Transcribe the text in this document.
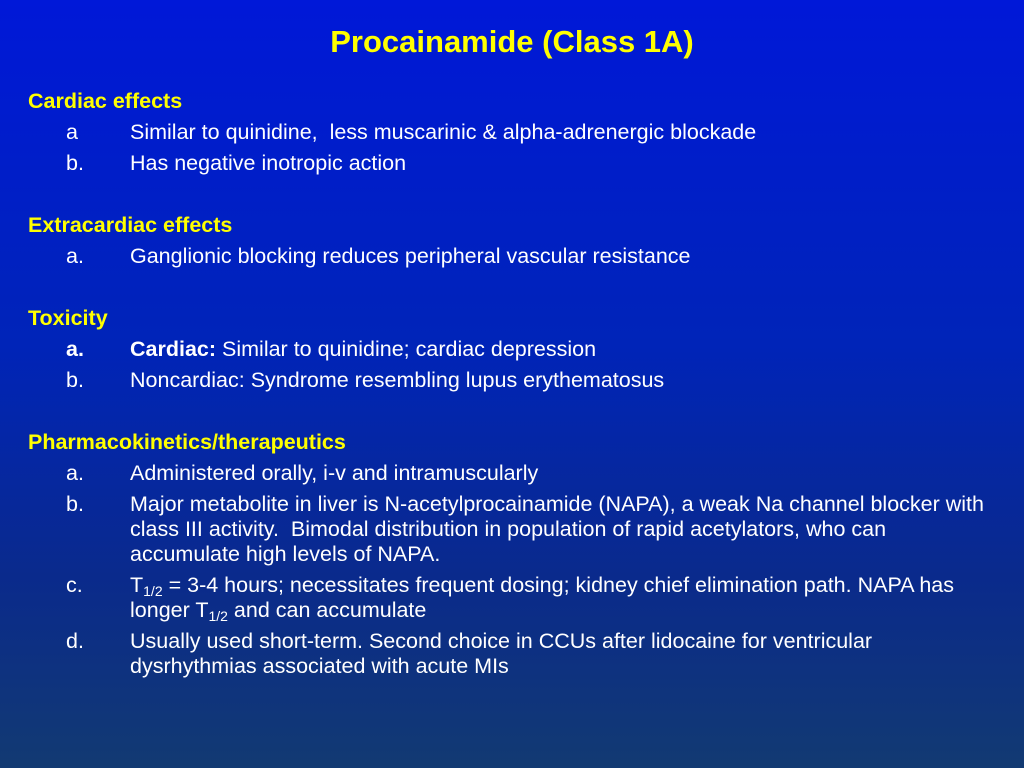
Procainamide (Class 1A)
Cardiac effects
a Similar to quinidine,  less muscarinic & alpha-adrenergic blockade
b. Has negative inotropic action
Extracardiac effects
a. Ganglionic blocking reduces peripheral vascular resistance
Toxicity
a. Cardiac: Similar to quinidine; cardiac depression
b. Noncardiac: Syndrome resembling lupus erythematosus
Pharmacokinetics/therapeutics
a. Administered orally, i-v and intramuscularly
b. Major metabolite in liver is N-acetylprocainamide (NAPA), a weak Na channel blocker with class III activity.  Bimodal distribution in population of rapid acetylators, who can accumulate high levels of NAPA.
c. $T_{1/2} = 3-4$ hours; necessitates frequent dosing; kidney chief elimination path. NAPA has longer $T_{1/2}$ and can accumulate
d. Usually used short-term. Second choice in CCUs after lidocaine for ventricular dysrhythmias associated with acute MIs
